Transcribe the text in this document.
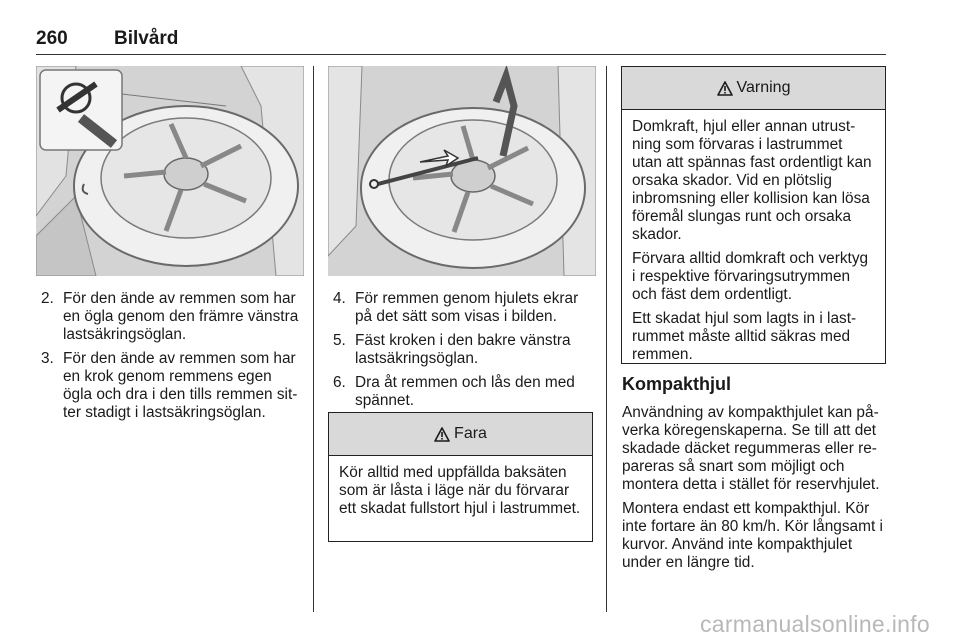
260 Bilvård
2. För den ände av remmen som har en ögla genom den främre vänstra lastsäkringsöglan.
3. För den ände av remmen som har en krok genom remmens egen ögla och dra i den tills remmen sitter stadigt i lastsäkringsöglan.
4. För remmen genom hjulets ekrar på det sätt som visas i bilden.
5. Fäst kroken i den bakre vänstra lastsäkringsöglan.
6. Dra åt remmen och lås den med spännet.
Fara

Kör alltid med uppfällda baksäten som är låsta i läge när du förvarar ett skadat fullstort hjul i lastrummet.

Varning

Domkraft, hjul eller annan utrustning som förvaras i lastrummet utan att spännas fast ordentligt kan orsaka skador. Vid en plötslig inbromsning eller kollision kan lösa föremål slungas runt och orsaka skador.

Förvara alltid domkraft och verktyg i respektive förvaringsutrymmen och fäst dem ordentligt.

Ett skadat hjul som lagts in i lastrummet måste alltid säkras med remmen.

Kompakthjul

Användning av kompakthjulet kan påverka köregenskaperna. Se till att det skadade däcket regummeras eller repareras så snart som möjligt och montera detta i stället för reservhjulet.

Montera endast ett kompakthjul. Kör inte fortare än 80 km/h. Kör långsamt i kurvor. Använd inte kompakthjulet under en längre tid.

carmanualsonline.info
